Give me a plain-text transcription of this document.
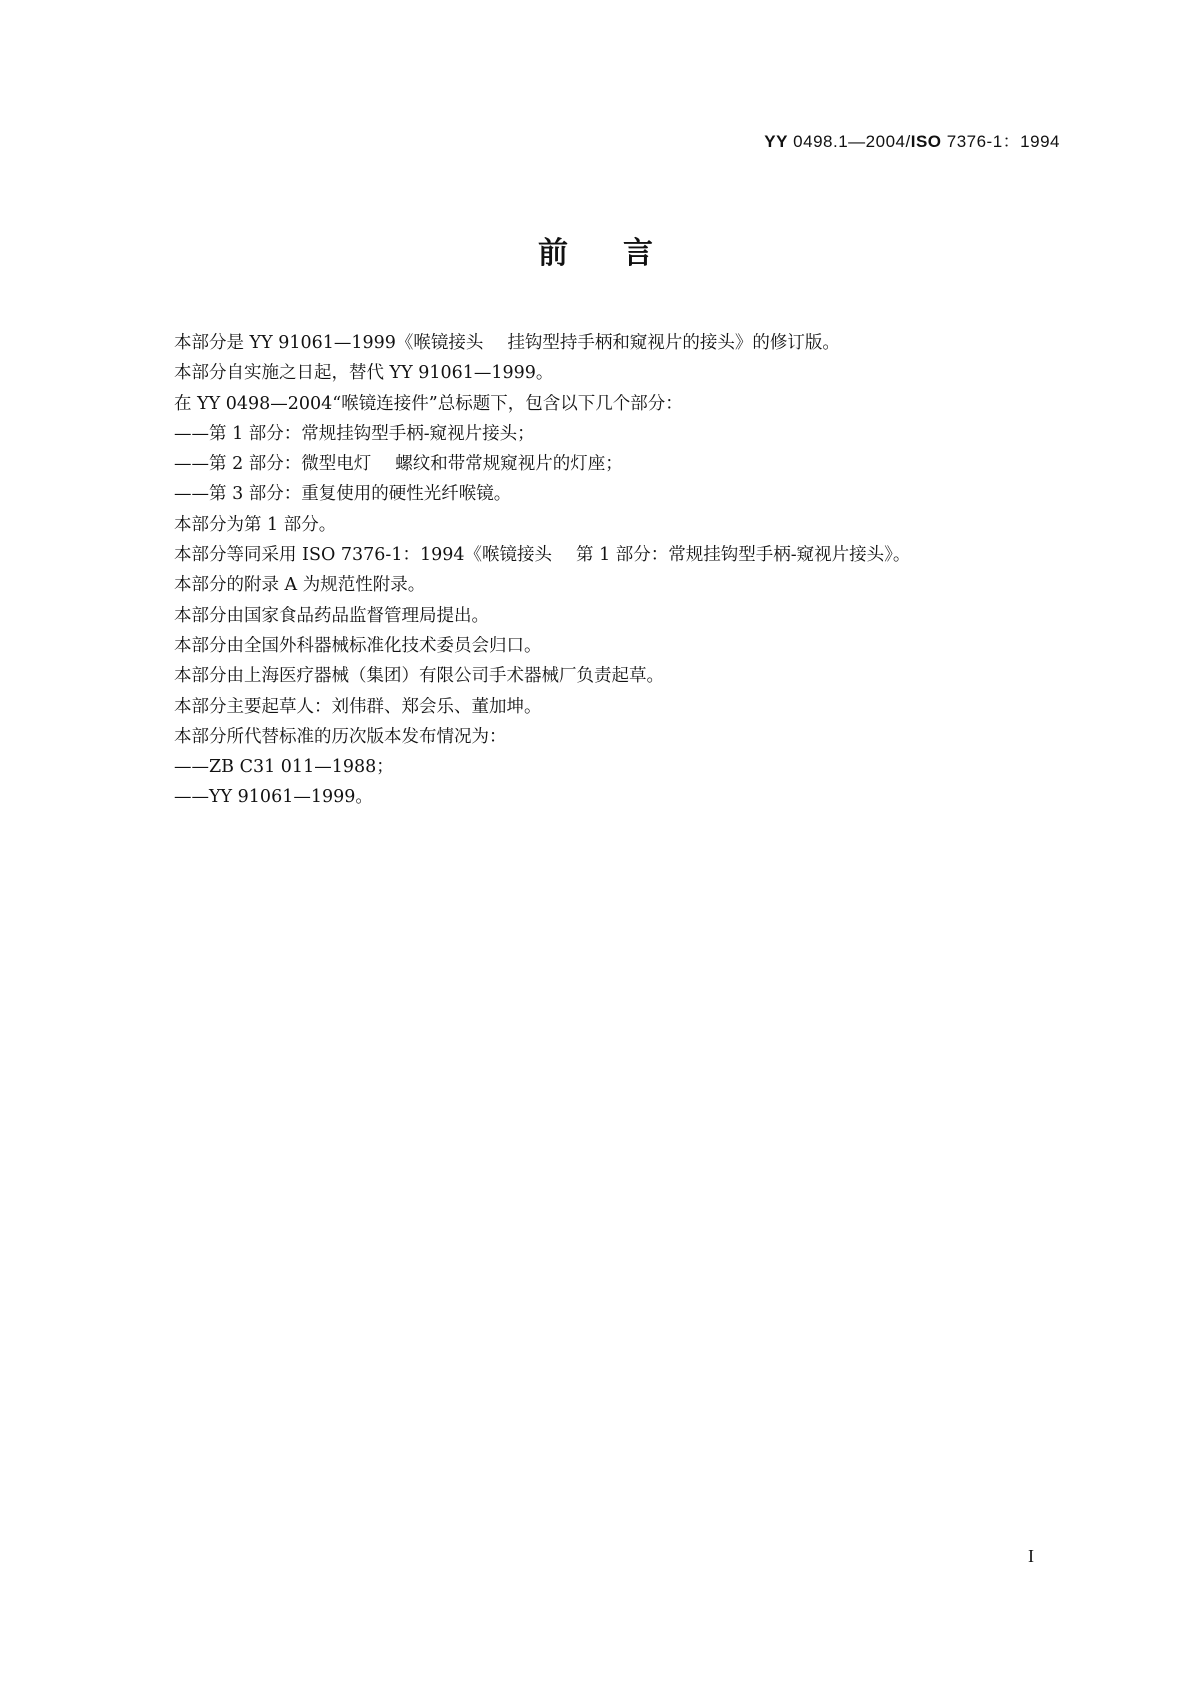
YY 0498.1—2004/ISO 7376-1：1994
前言
本部分是 YY 91061—1999《喉镜接头 挂钩型持手柄和窥视片的接头》的修订版。
本部分自实施之日起，替代 YY 91061—1999。
在 YY 0498—2004“喉镜连接件”总标题下，包含以下几个部分：
——第 1 部分：常规挂钩型手柄-窥视片接头；
——第 2 部分：微型电灯 螺纹和带常规窥视片的灯座；
——第 3 部分：重复使用的硬性光纤喉镜。
本部分为第 1 部分。
本部分等同采用 ISO 7376-1：1994《喉镜接头 第 1 部分：常规挂钩型手柄-窥视片接头》。
本部分的附录 A 为规范性附录。
本部分由国家食品药品监督管理局提出。
本部分由全国外科器械标准化技术委员会归口。
本部分由上海医疗器械（集团）有限公司手术器械厂负责起草。
本部分主要起草人：刘伟群、郑会乐、董加坤。
本部分所代替标准的历次版本发布情况为：
——ZB C31 011—1988；
——YY 91061—1999。
I
